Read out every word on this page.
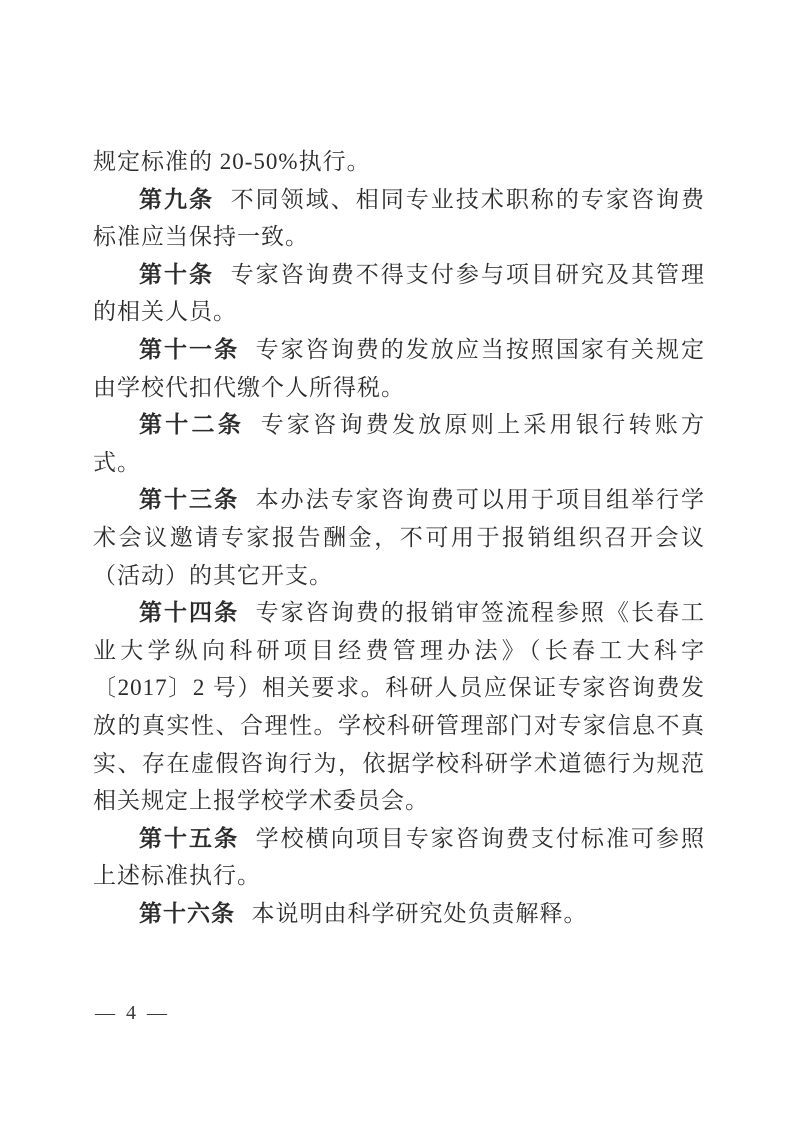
规定标准的 20-50%执行。

第九条 不同领域、相同专业技术职称的专家咨询费标准应当保持一致。

第十条 专家咨询费不得支付参与项目研究及其管理的相关人员。

第十一条 专家咨询费的发放应当按照国家有关规定由学校代扣代缴个人所得税。

第十二条 专家咨询费发放原则上采用银行转账方式。

第十三条 本办法专家咨询费可以用于项目组举行学术会议邀请专家报告酬金，不可用于报销组织召开会议（活动）的其它开支。

第十四条 专家咨询费的报销审签流程参照《长春工业大学纵向科研项目经费管理办法》（长春工大科字〔2017〕2 号）相关要求。科研人员应保证专家咨询费发放的真实性、合理性。学校科研管理部门对专家信息不真实、存在虚假咨询行为，依据学校科研学术道德行为规范相关规定上报学校学术委员会。

第十五条 学校横向项目专家咨询费支付标准可参照上述标准执行。

第十六条 本说明由科学研究处负责解释。

— 4 —
